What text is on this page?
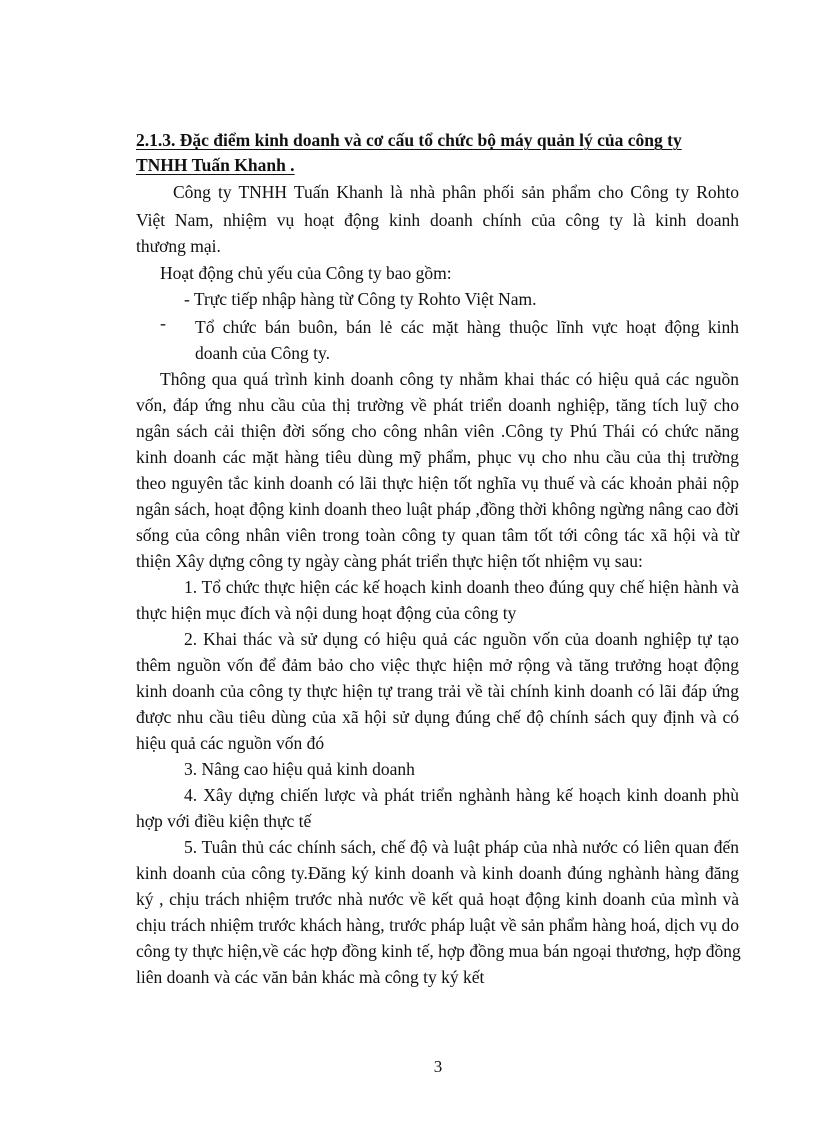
2.1.3. Đặc điểm kinh doanh và cơ cấu tổ chức bộ máy quản lý của công ty
TNHH Tuấn Khanh .
Công ty TNHH Tuấn Khanh là nhà phân phối sản phẩm cho Công ty Rohto
Việt Nam, nhiệm vụ hoạt động kinh doanh chính của công ty là kinh doanh
thương mại.
Hoạt động chủ yếu của Công ty bao gồm:
- Trực tiếp nhập hàng từ Công ty Rohto Việt Nam.
- Tổ chức bán buôn, bán lẻ các mặt hàng thuộc lĩnh vực hoạt động kinh
doanh của Công ty.
Thông qua quá trình kinh doanh công ty nhằm khai thác có hiệu quả các nguồn
vốn, đáp ứng nhu cầu của thị trường về phát triển doanh nghiệp, tăng tích luỹ cho
ngân sách cải thiện đời sống cho công nhân viên .Công ty Phú Thái có chức năng
kinh doanh các mặt hàng tiêu dùng mỹ phẩm, phục vụ cho nhu cầu của thị trường
theo nguyên tắc kinh doanh có lãi thực hiện tốt nghĩa vụ thuế và các khoản phải nộp
ngân sách, hoạt động kinh doanh theo luật pháp ,đồng thời không ngừng nâng cao đời
sống của công nhân viên trong toàn công ty quan tâm tốt tới công tác xã hội và từ
thiện Xây dựng công ty ngày càng phát triển thực hiện tốt nhiệm vụ sau:
1. Tổ chức thực hiện các kế hoạch kinh doanh theo đúng quy chế hiện hành và
thực hiện mục đích và nội dung hoạt động của công ty
2. Khai thác và sử dụng có hiệu quả các nguồn vốn của doanh nghiệp tự tạo
thêm nguồn vốn để đảm bảo cho việc thực hiện mở rộng và tăng trưởng hoạt động
kinh doanh của công ty thực hiện tự trang trải về tài chính kinh doanh có lãi đáp ứng
được nhu cầu tiêu dùng của xã hội sử dụng đúng chế độ chính sách quy định và có
hiệu quả các nguồn vốn đó
3. Nâng cao hiệu quả kinh doanh
4. Xây dựng chiến lược và phát triển nghành hàng kế hoạch kinh doanh phù
hợp với điều kiện thực tế
5. Tuân thủ các chính sách, chế độ và luật pháp của nhà nước có liên quan đến
kinh doanh của công ty.Đăng ký kinh doanh và kinh doanh đúng nghành hàng đăng
ký , chịu trách nhiệm trước nhà nước về kết quả hoạt động kinh doanh của mình và
chịu trách nhiệm trước khách hàng, trước pháp luật về sản phẩm hàng hoá, dịch vụ do
công ty thực hiện,về các hợp đồng kinh tế, hợp đồng mua bán ngoại thương, hợp đồng
liên doanh và các văn bản khác mà công ty ký kết
3
